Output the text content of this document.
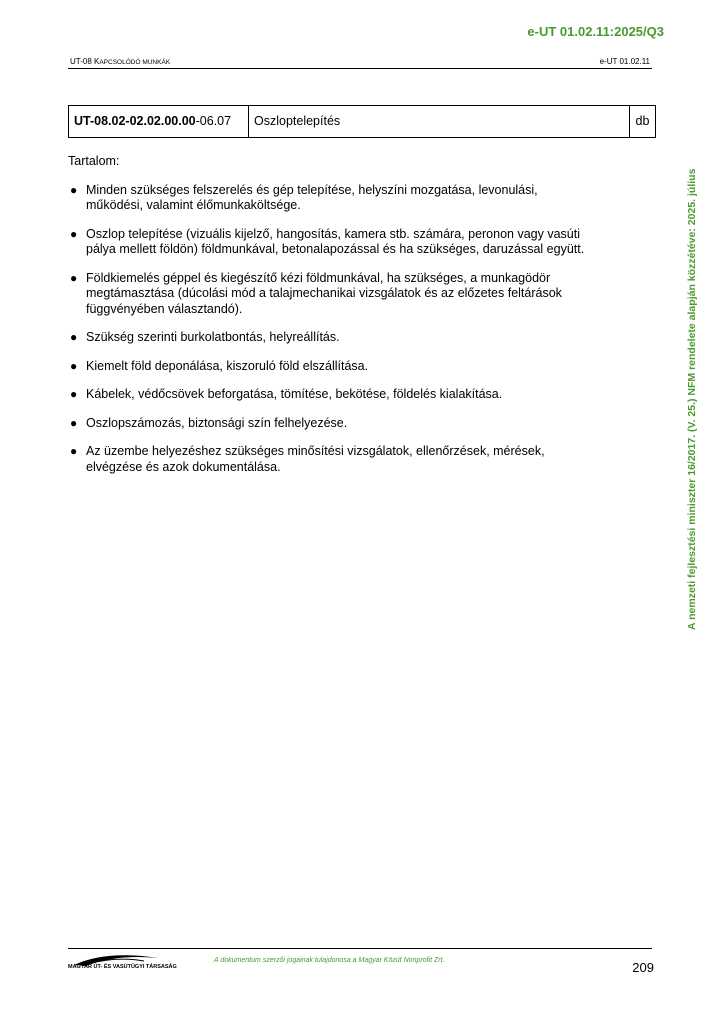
e-UT 01.02.11:2025/Q3
UT-08 KAPCSOLÓDÓ MUNKÁK	e-UT 01.02.11
UT-08.02-02.02.00.00-06.07	Oszloptelepítés	db

Tartalom:

● Minden szükséges felszerelés és gép telepítése, helyszíni mozgatása, levonulási, működési, valamint élőmunkaköltsége.
● Oszlop telepítése (vizuális kijelző, hangosítás, kamera stb. számára, peronon vagy vasúti pálya mellett földön) földmunkával, betonalapozással és ha szükséges, daruzással együtt.
● Földkiemelés géppel és kiegészítő kézi földmunkával, ha szükséges, a munkagödör megtámasztása (dúcolási mód a talajmechanikai vizsgálatok és az előzetes feltárások függvényében választandó).
● Szükség szerinti burkolatbontás, helyreállítás.
● Kiemelt föld deponálása, kiszoruló föld elszállítása.
● Kábelek, védőcsövek beforgatása, tömítése, bekötése, földelés kialakítása.
● Oszlopszámozás, biztonsági szín felhelyezése.
● Az üzembe helyezéshez szükséges minősítési vizsgálatok, ellenőrzések, mérések, elvégzése és azok dokumentálása.	A nemzeti fejlesztési miniszter 16/2017. (V. 25.) NFM rendelete alapján közzétéve: 2025. július
MAGYAR ÚT- ÉS VASÚTÜGYI TÁRSASÁG
A dokumentum szerzői jogainak tulajdonosa a Magyar Közút Nonprofit Zrt.	209
